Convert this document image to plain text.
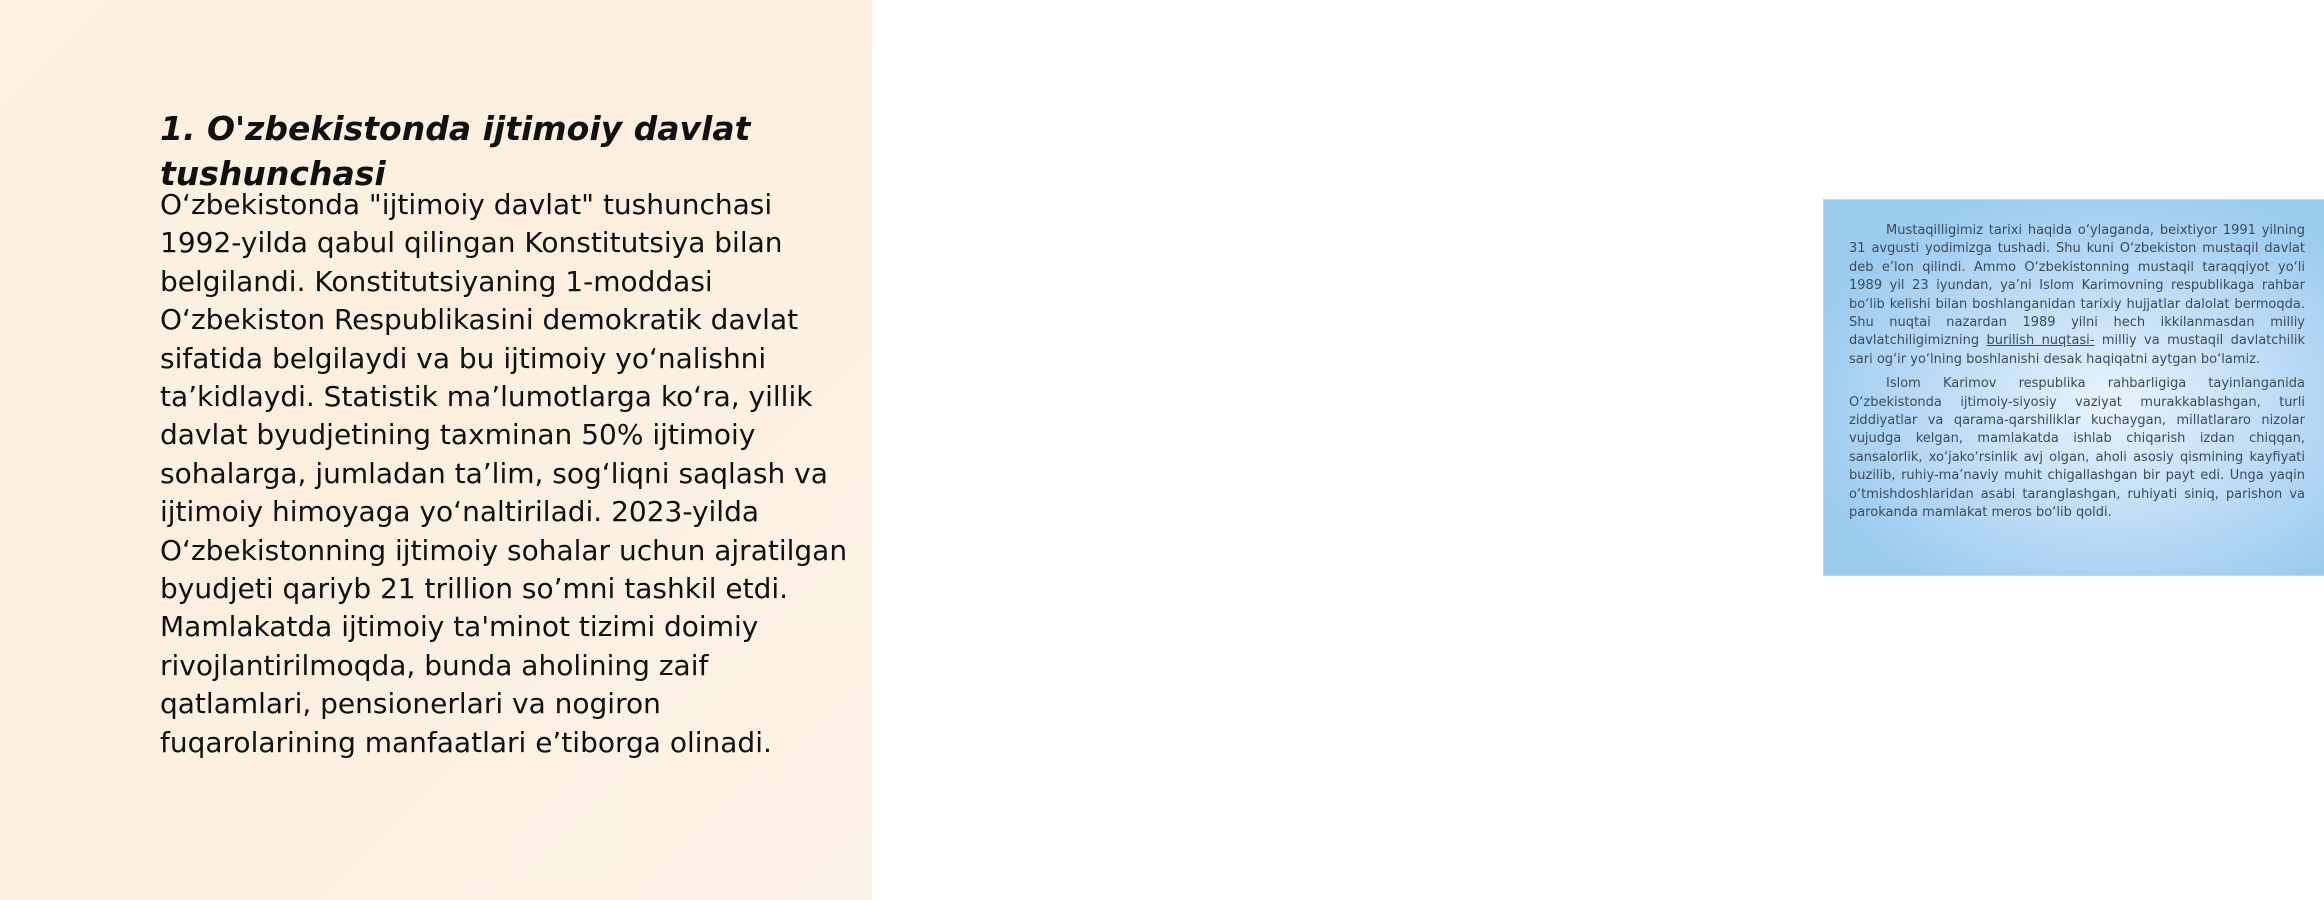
1. O'zbekistonda ijtimoiy davlat tushunchasi

O‘zbekistonda "ijtimoiy davlat" tushunchasi 1992-yilda qabul qilingan Konstitutsiya bilan belgilandi. Konstitutsiyaning 1-moddasi O‘zbekiston Respublikasini demokratik davlat sifatida belgilaydi va bu ijtimoiy yo‘nalishni ta’kidlaydi. Statistik ma’lumotlarga ko‘ra, yillik davlat byudjetining taxminan 50% ijtimoiy sohalarga, jumladan ta’lim, sog‘liqni saqlash va ijtimoiy himoyaga yo‘naltiriladi. 2023-yilda O‘zbekistonning ijtimoiy sohalar uchun ajratilgan byudjeti qariyb 21 trillion so’mni tashkil etdi. Mamlakatda ijtimoiy ta'minot tizimi doimiy rivojlantirilmoqda, bunda aholining zaif qatlamlari, pensionerlari va nogiron fuqarolarining manfaatlari e’tiborga olinadi.

Mustaqilligimiz tarixi haqida o‘ylaganda, beixtiyor 1991 yilning 31 avgusti yodimizga tushadi. Shu kuni O‘zbekiston mustaqil davlat deb e’lon qilindi. Ammo O‘zbekistonning mustaqil taraqqiyot yo‘li 1989 yil 23 iyundan, ya’ni Islom Karimovning respublikaga rahbar bo‘lib kelishi bilan boshlanganidan tarixiy hujjatlar dalolat bermoqda. Shu nuqtai nazardan 1989 yilni hech ikkilanmasdan milliy davlatchiligimizning burilish nuqtasi- milliy va mustaqil davlatchilik sari og‘ir yo‘lning boshlanishi desak haqiqatni aytgan bo‘lamiz.

Islom Karimov respublika rahbarligiga tayinlanganida O‘zbekistonda ijtimoiy-siyosiy vaziyat murakkablashgan, turli ziddiyatlar va qarama-qarshiliklar kuchaygan, millatlararo nizolar vujudga kelgan, mamlakatda ishlab chiqarish izdan chiqqan, sansalorlik, xo‘jako‘rsinlik avj olgan, aholi asosiy qismining kayfiyati buzilib, ruhiy-ma’naviy muhit chigallashgan bir payt edi. Unga yaqin o‘tmishdoshlaridan asabi taranglashgan, ruhiyati siniq, parishon va parokanda mamlakat meros bo‘lib qoldi.
